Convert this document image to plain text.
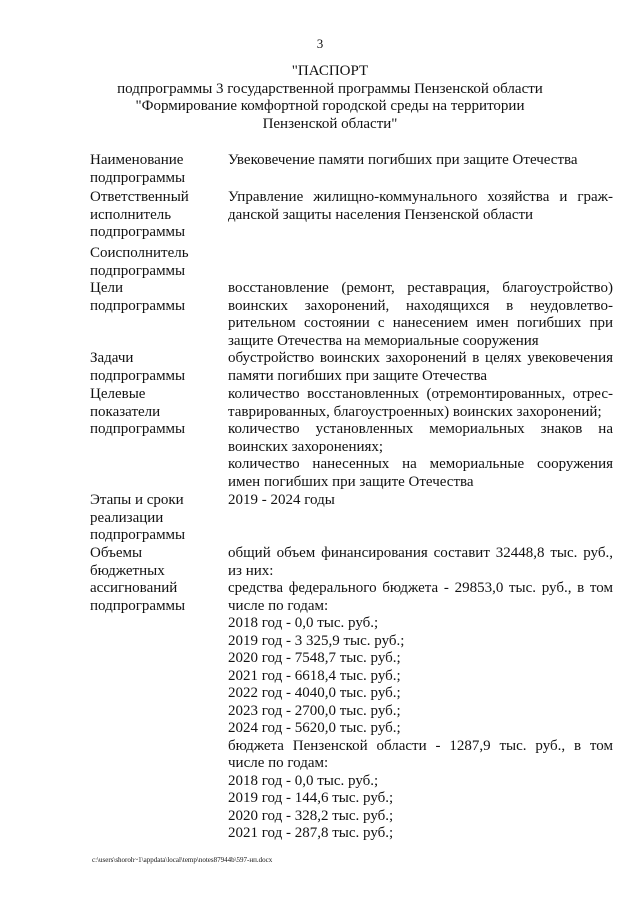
3
"ПАСПОРТ
подпрограммы 3 государственной программы Пензенской области
"Формирование комфортной городской среды на территории
Пензенской области"
Наименование
подпрограммы
Увековечение памяти погибших при защите Отечества
Ответственный
исполнитель
подпрограммы
Управление жилищно-коммунального хозяйства и граж-
данской защиты населения Пензенской области
Соисполнитель
подпрограммы
Цели
подпрограммы
восстановление (ремонт, реставрация, благоустройство)
воинских захоронений, находящихся в неудовлетво-
рительном состоянии с нанесением имен погибших при
защите Отечества на мемориальные сооружения
Задачи
подпрограммы
обустройство воинских захоронений в целях увековечения
памяти погибших при защите Отечества
Целевые
показатели
подпрограммы
количество восстановленных (отремонтированных, отрес-
таврированных, благоустроенных) воинских захоронений;
количество установленных мемориальных знаков на
воинских захоронениях;
количество нанесенных на мемориальные сооружения
имен погибших при защите Отечества
Этапы и сроки
реализации
подпрограммы
2019 - 2024 годы
Объемы
бюджетных
ассигнований
подпрограммы
общий объем финансирования составит 32448,8 тыс. руб.,
из них:
средства федерального бюджета - 29853,0 тыс. руб., в том
числе по годам:
2018 год - 0,0 тыс. руб.;
2019 год - 3 325,9 тыс. руб.;
2020 год - 7548,7 тыс. руб.;
2021 год - 6618,4 тыс. руб.;
2022 год - 4040,0 тыс. руб.;
2023 год - 2700,0 тыс. руб.;
2024 год - 5620,0 тыс. руб.;
бюджета Пензенской области - 1287,9 тыс. руб., в том
числе по годам:
2018 год - 0,0 тыс. руб.;
2019 год - 144,6 тыс. руб.;
2020 год - 328,2 тыс. руб.;
2021 год - 287,8 тыс. руб.;
c:\users\shoroh~1\appdata\local\temp\notes87944b\597-нп.docx
